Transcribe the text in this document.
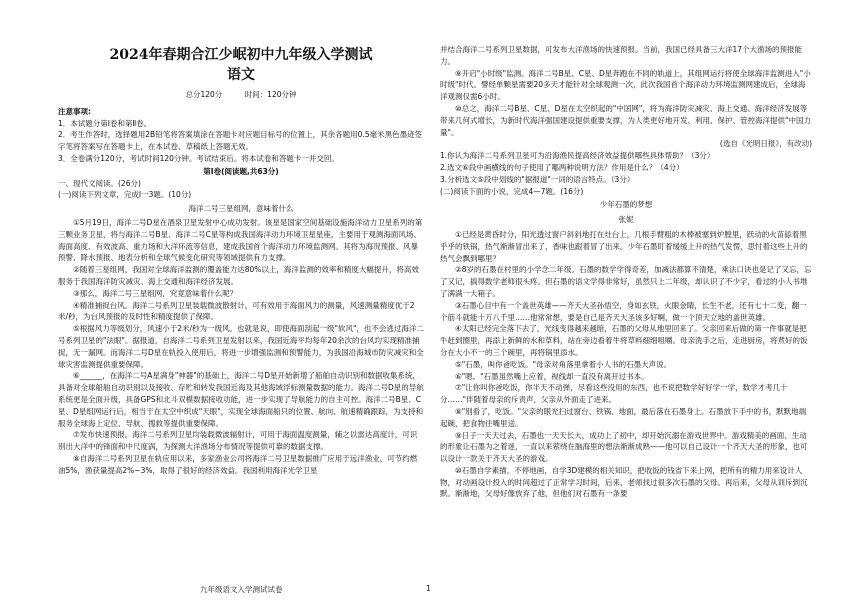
2024年春期合江少岷初中九年级入学测试
语文
总分120分	时间：120分钟
注意事项:
1．本试题分第Ⅰ卷和第Ⅱ卷。
2．考生作答时，选择题用2B铅笔将答案填涂在答题卡对应题目标号的位置上，其余各题用0.5毫米黑色墨迹签字笔将答案写在答题卡上，在本试卷、草稿纸上答题无效。
3．全卷满分120分，考试时间120分钟。考试结束后。将本试卷和答题卡一并交回。
第Ⅰ卷(阅读题,共63分)
一、现代文阅读。(26分)
(一)阅读下列文章，完成Ⅰ一3题。(10分)
海洋二号三星组网，意味着什么

①5月19日，海洋二号D星在酒泉卫星发射中心成功发射。该星是国家空间基础设施海洋动力卫星系列的第三颗业务卫星，将与海洋二号B星、海洋二号C星等构成我国海洋动力环境卫星星座，主要用于观测海面风场、海面高度、有效波高、重力场和大洋环流等信息，建成我国首个海洋动力环境监测网。其将为海况预报、风暴预警、降水预报、地表分析和全球气候变化研究等领域提供有力支撑。

②随着三星组网，我国对全球海洋监测的覆盖能力达80%以上，海洋监测的效率和精度大幅提升，将高效服务于我国海洋防灾减灾、海上交通和海洋经济发展。

③那么，海洋二号三星组网，究竟意味着什么呢？

④精准捕捉台风。海洋二号系列卫星装载微波散射计，可有效用于海面风力的测量，风速测量精度优于2米/秒，为台风预报的及时性和精度提供了保障。

⑤根据风力等级划分，风速小于2米/秒为一级风。也就是说，即使海面刮起一级"软风"，也不会逃过海洋二号系列卫星的"法眼"。据报道，自海洋二号系列卫星发射以来，我国近海平均每年20余次的台风均实现精准捕捉，无一漏网。而海洋二号D星在轨投入使用后，将进一步增强监测和预警能力，为我国沿海城市防灾减灾和全球灾害监测提供重要保障。

⑥______，在海洋二号A星满身"神器"的基础上，海洋二号D星开始新增了船舶自动识别和数据收集系统，具备对全球船舶自动识别以及接收、存贮和转发我国近海及其他海域浮标测量数据的能力。海洋二号D星的导航系统更是全面升级，具备GPS和北斗双模数据接收功能，进一步实现了导航能力的自主可控。海洋二号B星、C星、D星组网运行后，相当于在太空中织成"天眼"，实现全球海面船只的位置、航向、航速精确跟踪，为支持和服务全球海上定位、导航、搜救等提供重要保障。

⑦发布快速预报。海洋二号系列卫星均装载微波辐射计，可用于海面温度测量，辅之以雷达高度计，可识别出大洋中的锋面和中尺度涡，为探测大洋渔场分布情况等提供可靠的数据支撑。

⑧自海洋二号系列卫星在轨应用以来，多家渔业公司将海洋二号卫星数据推广应用于远洋渔业，可节约燃油5%，渔获量提高2%~3%，取得了很好的经济效益。我国利用海洋光学卫星

并结合海洋二号系列卫星数据，可发布大洋渔场的快速预报。当前，我国已经具备三大洋17个大渔场的预报能力。

⑨开启"小时级"监测。海洋二号B星、C星、D星奔跑在不同的轨道上，其组网运行将使全球海洋监测进入"小时级"时代。譬经单颗星需要20多天才能针对全球观测一次，此次我国首个海洋动力环境监测网建成后，全球海洋观测仅需6小时。

⑩总之，海洋二号B星、C星、D星在太空织起的"中国网"，将为海洋防灾减灾、海上交通、海洋经济发展等带来几何式增长，为新时代海洋强国建设提供重要支撑，为人类更好地开发、利用、保护、管控海洋提供"中国力量"。

(选自《光明日报》，有改动)
1.你认为海洋二号系列卫星可为沿海渔民提高经济效益提供哪些具体帮助？（3分）
2.选文⑥段中画横线的句子使用了哪两种说明方法？作用是什么？（4分）
3.分析选文⑤段中划线的"据报道"一词的语言特点。（3分）
(二)阅读下面的小说，完成4—7题。(16分)
少年石墨的梦想
张妮

①已经是黄昏时分，阳光透过窗户斜斜地打在灶台上，几根手臂粗的木棒被塞到炉膛里，跃动的火苗舔着黑乎乎的铁锅，热气渐渐冒出来了，香味也跟着冒了出来。少年石墨盯着缓缓上升的热气发愣，思忖着这些上升的热气会飘到哪里？

②8岁的石墨在村里的小学念二年级。石墨的数学学得奇差，加减法都算不清楚，乘法口诀也是记了又忘，忘了又记，搞得数学老师很头疼。但石墨的语文学得非常好，虽然只上二年级，却认识了不少字，看过的小人书堆了满满一大箱子。

③石墨心目中有一个盖世英雄——齐天大圣孙悟空，身如玄铁，火眼金睛，长生不老，还有七十二变，翻一个筋斗就能十万八千里……他常常想，要是自己是齐天大圣该多好啊，做一个顶天立地的盖世英雄。

④太阳已经完全落下去了，光线变得越来越暗，石墨的父母从地里回来了。父亲回来后做的第一件事就是把牛赶到圈里，再添上新鲜的水和草料，站在旁边看着牛将草料细细咀嚼。母亲洗手之后，走进厨房，将煮好的饭分在大小不一的三个碗里，再将锅里添水。

⑤"石墨，叫你爸吃饭。"母亲对角落里拿着小人书的石墨大声说。

⑥"嗯。"石墨虽然嘴上应着，视线却一直没有离开过书本。

⑦"让你叫你爸吃饭，你半天不动弹，尽看这些没用的东西，也不说把数学好好学一学，数学才考几十分……"伴随着母亲的斥责声，父亲从外面走了进来。

⑧"别看了，吃饭。"父亲的眼光扫过窗台、铁锅、地面，最后落在石墨身上。石墨放下手中的书，默默地端起碗，把食物往嘴里送。

⑨日子一天天过去，石墨也一天天长大，成功上了初中，却开始沉溺在游戏世界中。游戏精美的画面、生动的形象让石墨为之着迷，一直以来萦绕在脑海里的想法渐渐成熟——他可以自己设计一个齐天大圣的形象，也可以设计一款关于齐天大圣的游戏。

⑩石墨自学素描，不停地画，自学3D建模的相关知识，把收饭的钱省下来上网，把所有的精力用来设计人物，对动画设计投入的时间超过了正常学习时间，后来，老师找过很多次石墨的父母。再后来，父母从训斥到沉默。渐渐地，父母好像放弃了他，但他们对石墨有一条要

九年级语文入学测试试卷	1
